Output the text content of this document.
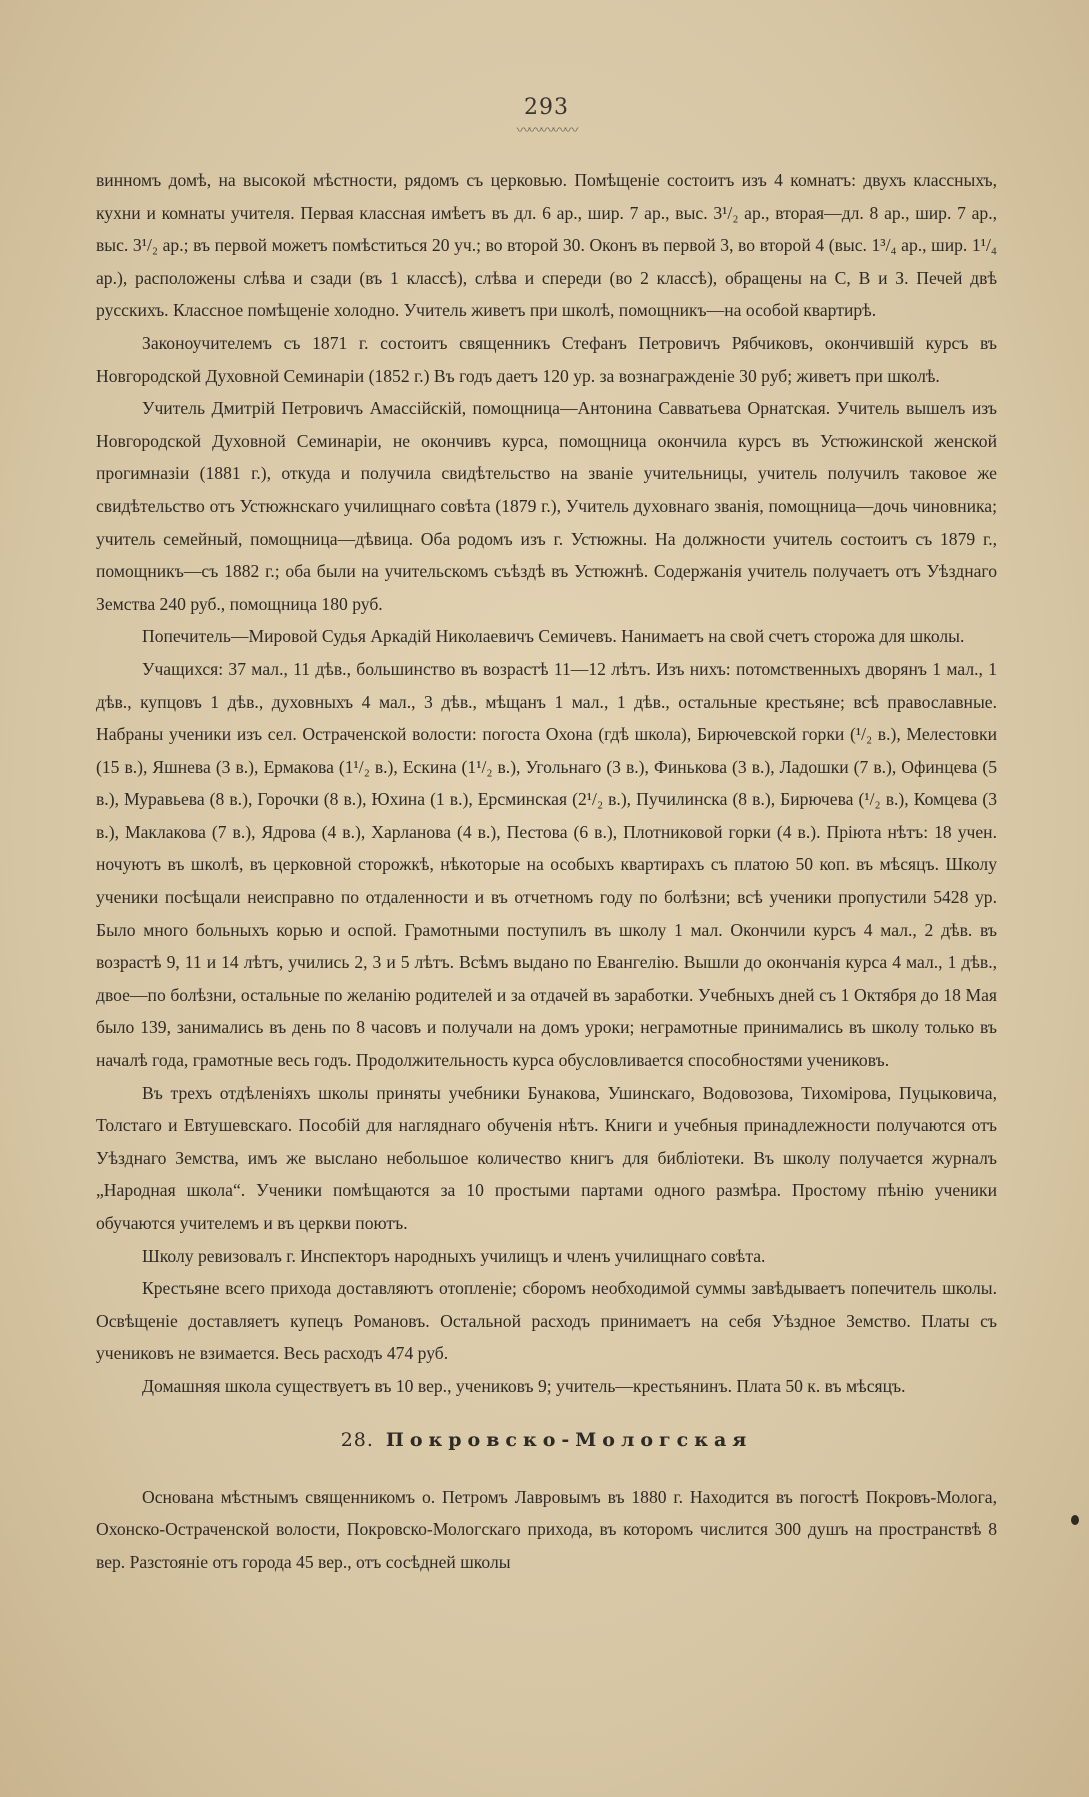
293
〰〰〰〰〰

винномъ домѣ, на высокой мѣстности, рядомъ съ церковью. Помѣщеніе состоитъ изъ 4 комнатъ: двухъ классныхъ, кухни и комнаты учителя. Первая классная имѣетъ въ дл. 6 ар., шир. 7 ар., выс. 3¹/₂ ар., вторая—дл. 8 ар., шир. 7 ар., выс. 3¹/₂ ар.; въ первой можетъ помѣститься 20 уч.; во второй 30. Оконъ въ первой 3, во второй 4 (выс. 1³/₄ ар., шир. 1¹/₄ ар.), расположены слѣва и сзади (въ 1 классѣ), слѣва и спереди (во 2 классѣ), обращены на С, В и З. Печей двѣ русскихъ. Классное помѣщеніе холодно. Учитель живетъ при школѣ, помощникъ—на особой квартирѣ.

Законоучителемъ съ 1871 г. состоитъ священникъ Стефанъ Петровичъ Рябчиковъ, окончившій курсъ въ Новгородской Духовной Семинаріи (1852 г.) Въ годъ даетъ 120 ур. за вознагражденіе 30 руб; живетъ при школѣ.

Учитель Дмитрій Петровичъ Амассійскій, помощница—Антонина Савватьева Орнатская. Учитель вышелъ изъ Новгородской Духовной Семинаріи, не окончивъ курса, помощница окончила курсъ въ Устюжинской женской прогимназіи (1881 г.), откуда и получила свидѣтельство на званіе учительницы, учитель получилъ таковое же свидѣтельство отъ Устюжнскаго училищнаго совѣта (1879 г.), Учитель духовнаго званія, помощница—дочь чиновника; учитель семейный, помощница—дѣвица. Оба родомъ изъ г. Устюжны. На должности учитель состоитъ съ 1879 г., помощникъ—съ 1882 г.; оба были на учительскомъ съѣздѣ въ Устюжнѣ. Содержанія учитель получаетъ отъ Уѣзднаго Земства 240 руб., помощница 180 руб.

Попечитель—Мировой Судья Аркадій Николаевичъ Семичевъ. Нанимаетъ на свой счетъ сторожа для школы.

Учащихся: 37 мал., 11 дѣв., большинство въ возрастѣ 11—12 лѣтъ. Изъ нихъ: потомственныхъ дворянъ 1 мал., 1 дѣв., купцовъ 1 дѣв., духовныхъ 4 мал., 3 дѣв., мѣщанъ 1 мал., 1 дѣв., остальные крестьяне; всѣ православные. Набраны ученики изъ сел. Остраченской волости: погоста Охона (гдѣ школа), Бирючевской горки (¹/₂ в.), Мелестовки (15 в.), Яшнева (3 в.), Ермакова (1¹/₂ в.), Ескина (1¹/₂ в.), Угольнаго (3 в.), Финькова (3 в.), Ладошки (7 в.), Офинцева (5 в.), Муравьева (8 в.), Горочки (8 в.), Юхина (1 в.), Ерсминская (2¹/₂ в.), Пучилинска (8 в.), Бирючева (¹/₂ в.), Комцева (3 в.), Маклакова (7 в.), Ядрова (4 в.), Харланова (4 в.), Пестова (6 в.), Плотниковой горки (4 в.). Пріюта нѣтъ: 18 учен. ночуютъ въ школѣ, въ церковной сторожкѣ, нѣкоторые на особыхъ квартирахъ съ платою 50 коп. въ мѣсяцъ. Школу ученики посѣщали неисправно по отдаленности и въ отчетномъ году по болѣзни; всѣ ученики пропустили 5428 ур. Было много больныхъ корью и оспой. Грамотными поступилъ въ школу 1 мал. Окончили курсъ 4 мал., 2 дѣв. въ возрастѣ 9, 11 и 14 лѣтъ, учились 2, 3 и 5 лѣтъ. Всѣмъ выдано по Евангелію. Вышли до окончанія курса 4 мал., 1 дѣв., двое—по болѣзни, остальные по желанію родителей и за отдачей въ заработки. Учебныхъ дней съ 1 Октября до 18 Мая было 139, занимались въ день по 8 часовъ и получали на домъ уроки; неграмотные принимались въ школу только въ началѣ года, грамотные весь годъ. Продолжительность курса обусловливается способностями учениковъ.

Въ трехъ отдѣленіяхъ школы приняты учебники Бунакова, Ушинскаго, Водовозова, Тихомірова, Пуцыковича, Толстаго и Евтушевскаго. Пособій для нагляднаго обученія нѣтъ. Книги и учебныя принадлежности получаются отъ Уѣзднаго Земства, имъ же выслано небольшое количество книгъ для библіотеки. Въ школу получается журналъ „Народная школа“. Ученики помѣщаются за 10 простыми партами одного размѣра. Простому пѣнію ученики обучаются учителемъ и въ церкви поютъ.

Школу ревизовалъ г. Инспекторъ народныхъ училищъ и членъ училищнаго совѣта.

Крестьяне всего прихода доставляютъ отопленіе; сборомъ необходимой суммы завѣдываетъ попечитель школы. Освѣщеніе доставляетъ купецъ Романовъ. Остальной расходъ принимаетъ на себя Уѣздное Земство. Платы съ учениковъ не взимается. Весь расходъ 474 руб.

Домашняя школа существуетъ въ 10 вер., учениковъ 9; учитель—крестьянинъ. Плата 50 к. въ мѣсяцъ.

28. Покровско-Мологская

Основана мѣстнымъ священникомъ о. Петромъ Лавровымъ въ 1880 г. Находится въ погостѣ Покровъ-Молога, Охонско-Остраченской волости, Покровско-Мологскаго прихода, въ которомъ числится 300 душъ на пространствѣ 8 вер. Разстояніе отъ города 45 вер., отъ сосѣдней школы
